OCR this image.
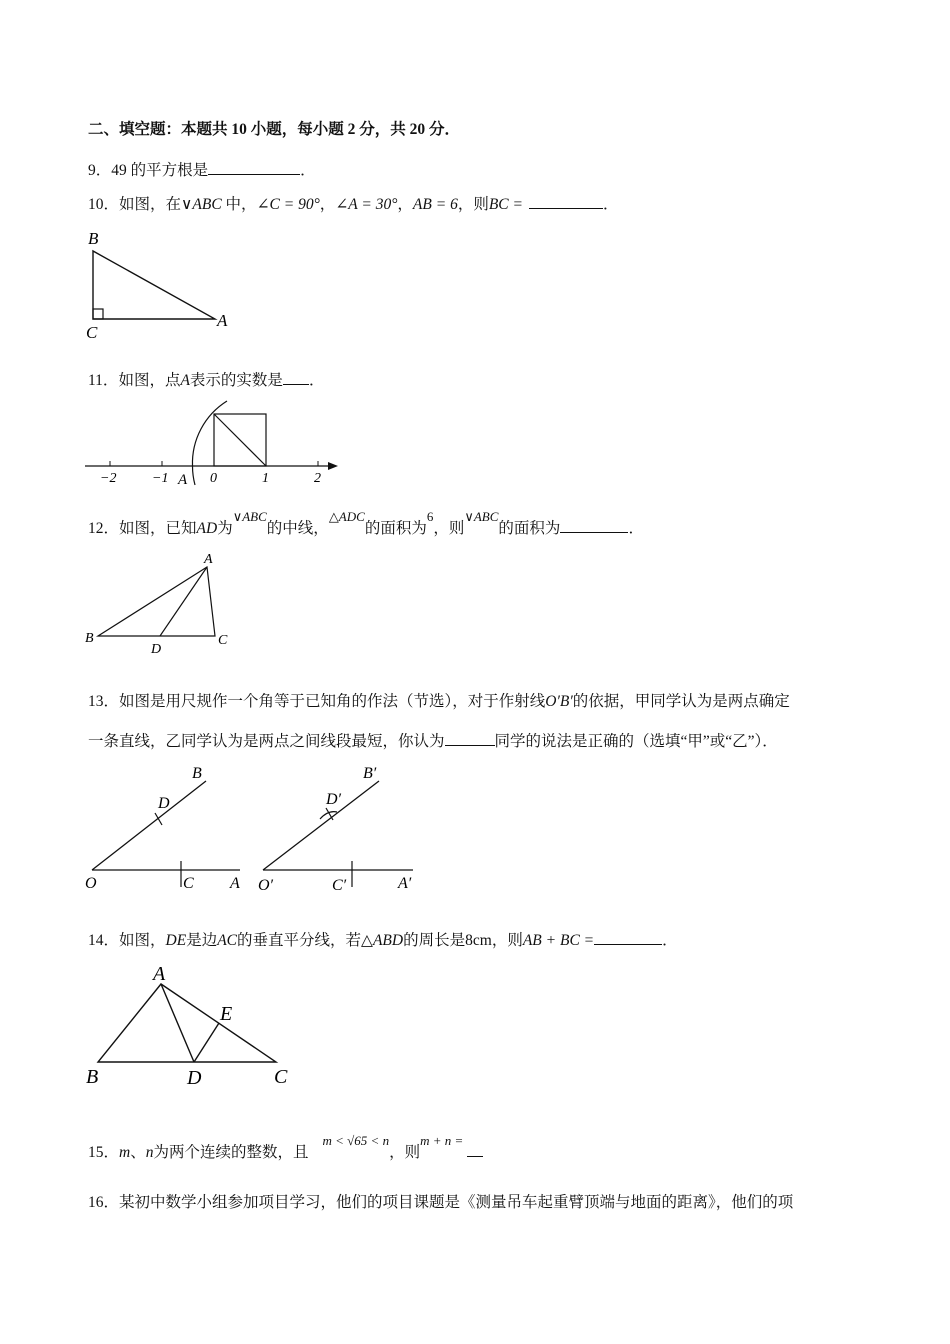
二、填空题：本题共 10 小题，每小题 2 分，共 20 分．
9．49 的平方根是	．
10．如图，在∨ABC 中，∠C = 90°，∠A = 30°，AB = 6，则BC =	．
B
C
A
11．如图，点A表示的实数是 ．
−2	−1 A 0	1	2
12．如图，已知AD为$^{\vee ABC}$的中线，$^{\triangle ADC}$的面积为$^6$，则$^{\vee ABC}$的面积为	．
A
B
D
C
13．如图是用尺规作一个角等于已知角的作法（节选），对于作射线O′B′的依据，甲同学认为是两点确定
一条直线，乙同学认为是两点之间线段最短，你认为	同学的说法是正确的（选填“甲”或“乙”）．
B
D
O	C A
B′
D′
O′	C′	A′
14．如图，DE是边AC的垂直平分线，若△ABD的周长是8cm，则AB + BC =	．
A
E
B	D	C
15．m、n为两个连续的整数，且$^{m < √65 < n}$，则$^{m + n =}$
16．某初中数学小组参加项目学习，他们的项目课题是《测量吊车起重臂顶端与地面的距离》，他们的项
